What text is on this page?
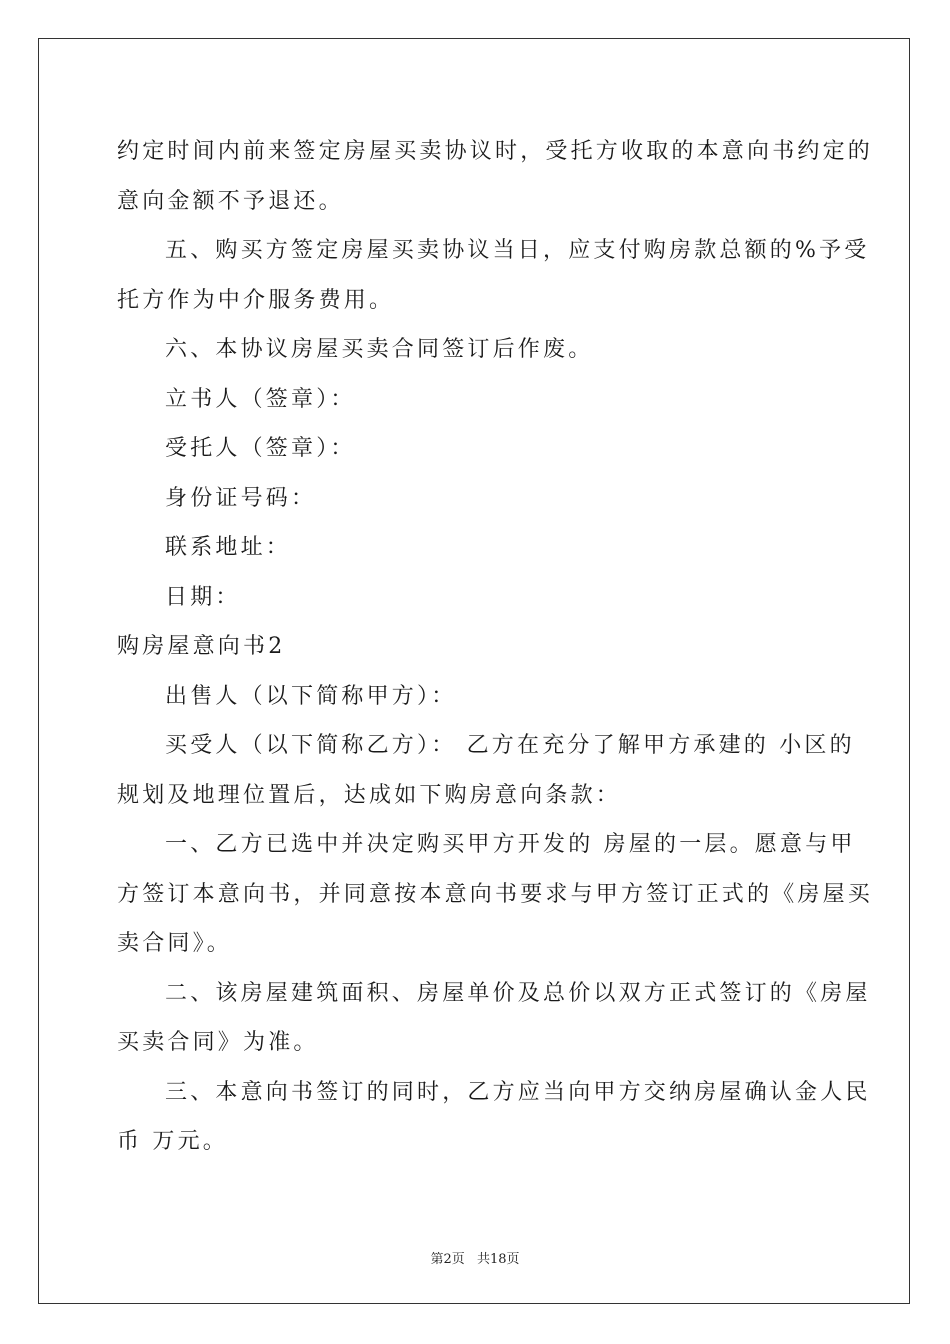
约定时间内前来签定房屋买卖协议时，受托方收取的本意向书约定的

意向金额不予退还。

五、购买方签定房屋买卖协议当日，应支付购房款总额的%予受

托方作为中介服务费用。

六、本协议房屋买卖合同签订后作废。

立书人（签章）：

受托人（签章）：

身份证号码：

联系地址：

日期：

购房屋意向书2

出售人（以下简称甲方）：

买受人（以下简称乙方）： 乙方在充分了解甲方承建的 小区的

规划及地理位置后，达成如下购房意向条款：

一、乙方已选中并决定购买甲方开发的 房屋的一层。愿意与甲

方签订本意向书，并同意按本意向书要求与甲方签订正式的《房屋买

卖合同》。

二、该房屋建筑面积、房屋单价及总价以双方正式签订的《房屋

买卖合同》为准。

三、本意向书签订的同时，乙方应当向甲方交纳房屋确认金人民

币 万元。

第2页 共18页
